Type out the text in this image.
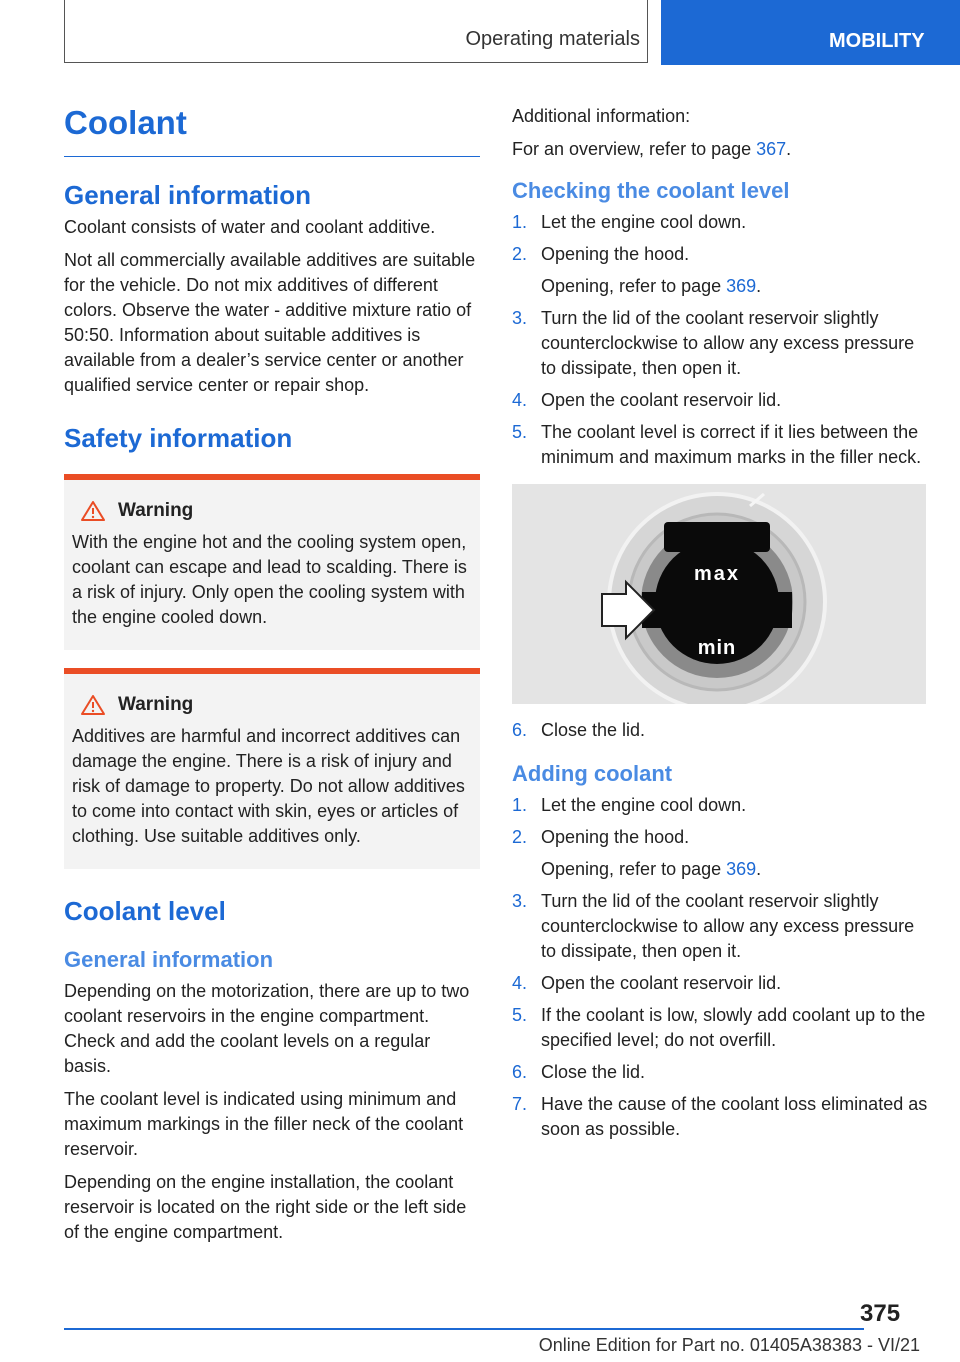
Operating materials	MOBILITY
Coolant
General information

Coolant consists of water and coolant additive.

Not all commercially available additives are suitable for the vehicle. Do not mix additives of different colors. Observe the water - additive mixture ratio of 50:50. Information about suitable additives is available from a dealer’s service center or another qualified service center or repair shop.

Safety information
Warning

With the engine hot and the cooling system open, coolant can escape and lead to scalding. There is a risk of injury. Only open the cooling system with the engine cooled down.

Warning

Additives are harmful and incorrect additives can damage the engine. There is a risk of injury and risk of damage to property. Do not allow additives to come into contact with skin, eyes or articles of clothing. Use suitable additives only.

Coolant level
General information

Depending on the motorization, there are up to two coolant reservoirs in the engine compartment. Check and add the coolant levels on a regular basis.

The coolant level is indicated using minimum and maximum markings in the filler neck of the coolant reservoir.

Depending on the engine installation, the coolant reservoir is located on the right side or the left side of the engine compartment.

Additional information:

For an overview, refer to page 367.

Checking the coolant level
1. Let the engine cool down.
2. Opening the hood.
Opening, refer to page 369.
3. Turn the lid of the coolant reservoir slightly counterclockwise to allow any excess pressure to dissipate, then open it.
4. Open the coolant reservoir lid.
5. The coolant level is correct if it lies between the minimum and maximum marks in the filler neck.
max
min
6. Close the lid.
Adding coolant
1. Let the engine cool down.
2. Opening the hood.
Opening, refer to page 369.
3. Turn the lid of the coolant reservoir slightly counterclockwise to allow any excess pressure to dissipate, then open it.
4. Open the coolant reservoir lid.
5. If the coolant is low, slowly add coolant up to the specified level; do not overfill.
6. Close the lid.
7. Have the cause of the coolant loss eliminated as soon as possible.
375
Online Edition for Part no. 01405A38383 - VI/21
